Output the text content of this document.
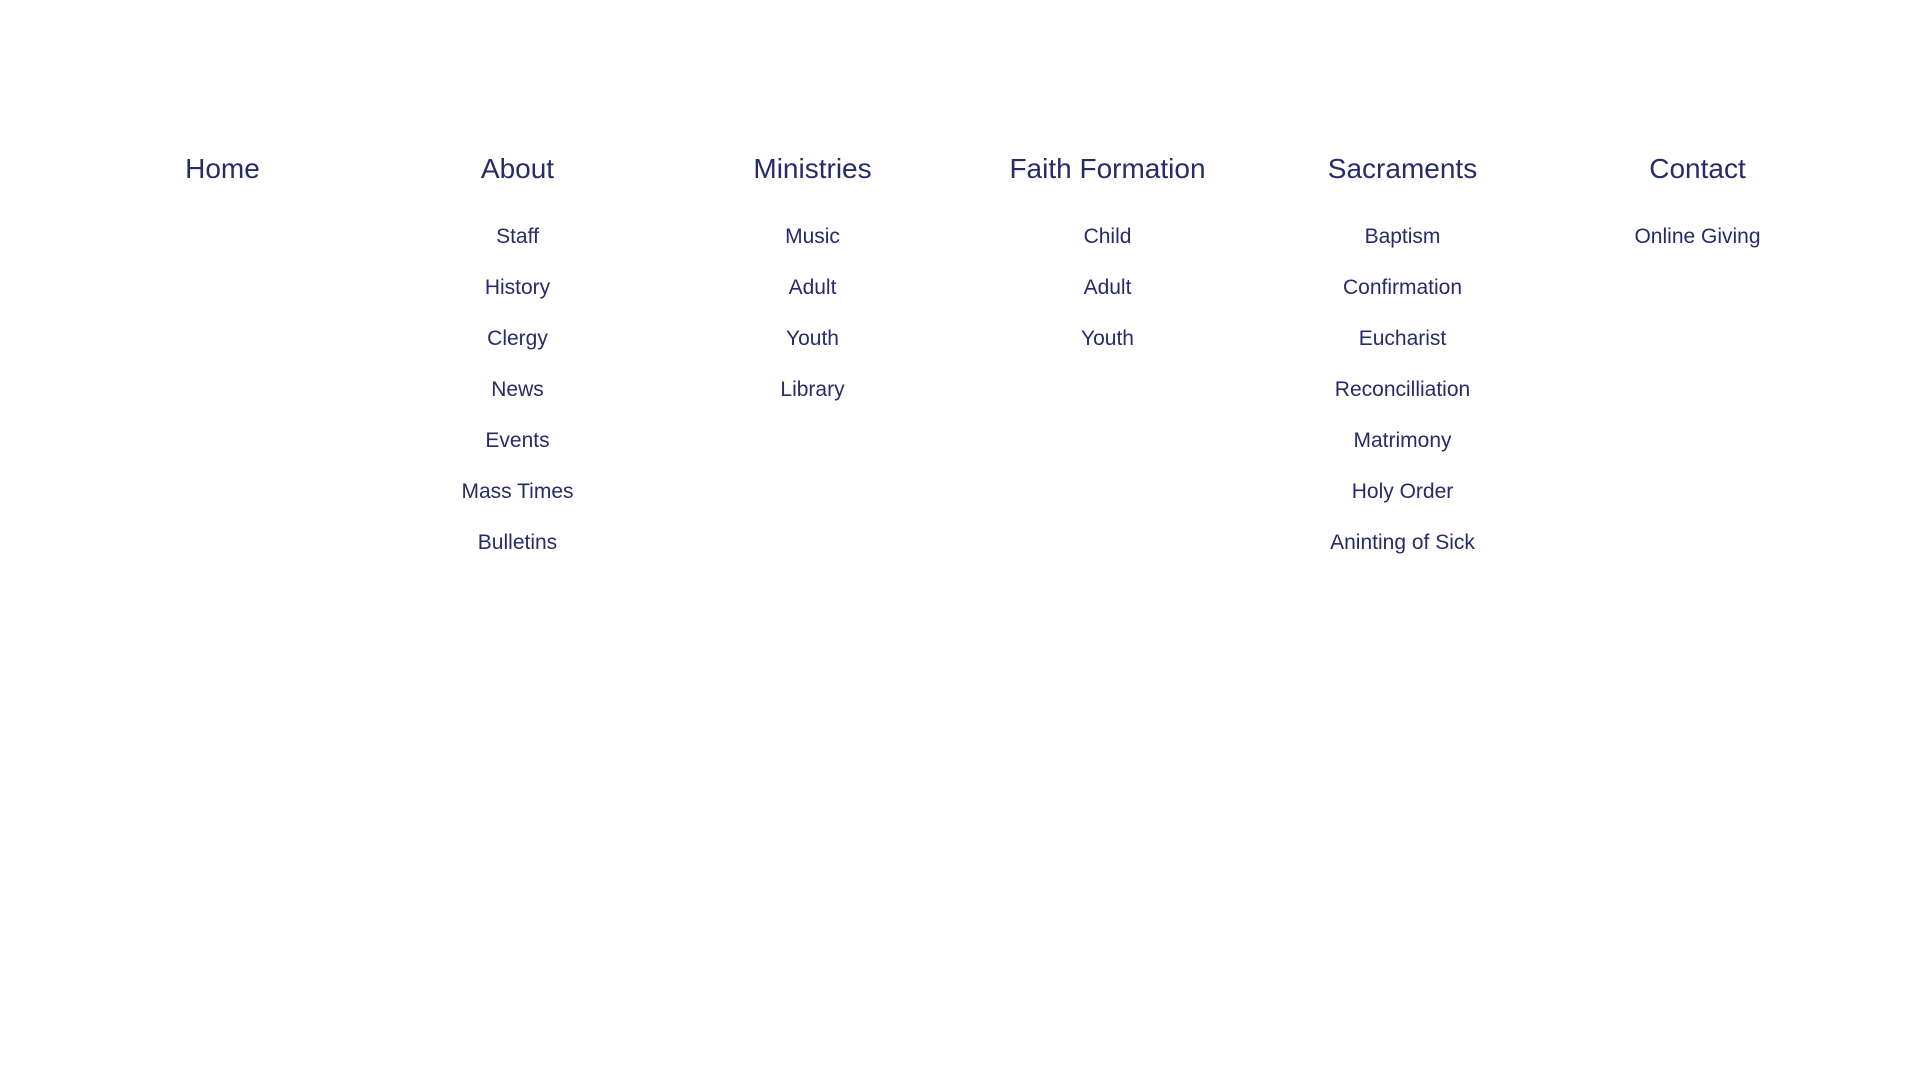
Home	About
Staff
History
Clergy
News
Events
Mass Times
Bulletins
Ministries
Music
Adult
Youth
Library
Faith Formation
Child
Adult
Youth
Sacraments
Baptism
Confirmation
Eucharist
Reconcilliation
Matrimony
Holy Order
Aninting of Sick
Contact
Online Giving
